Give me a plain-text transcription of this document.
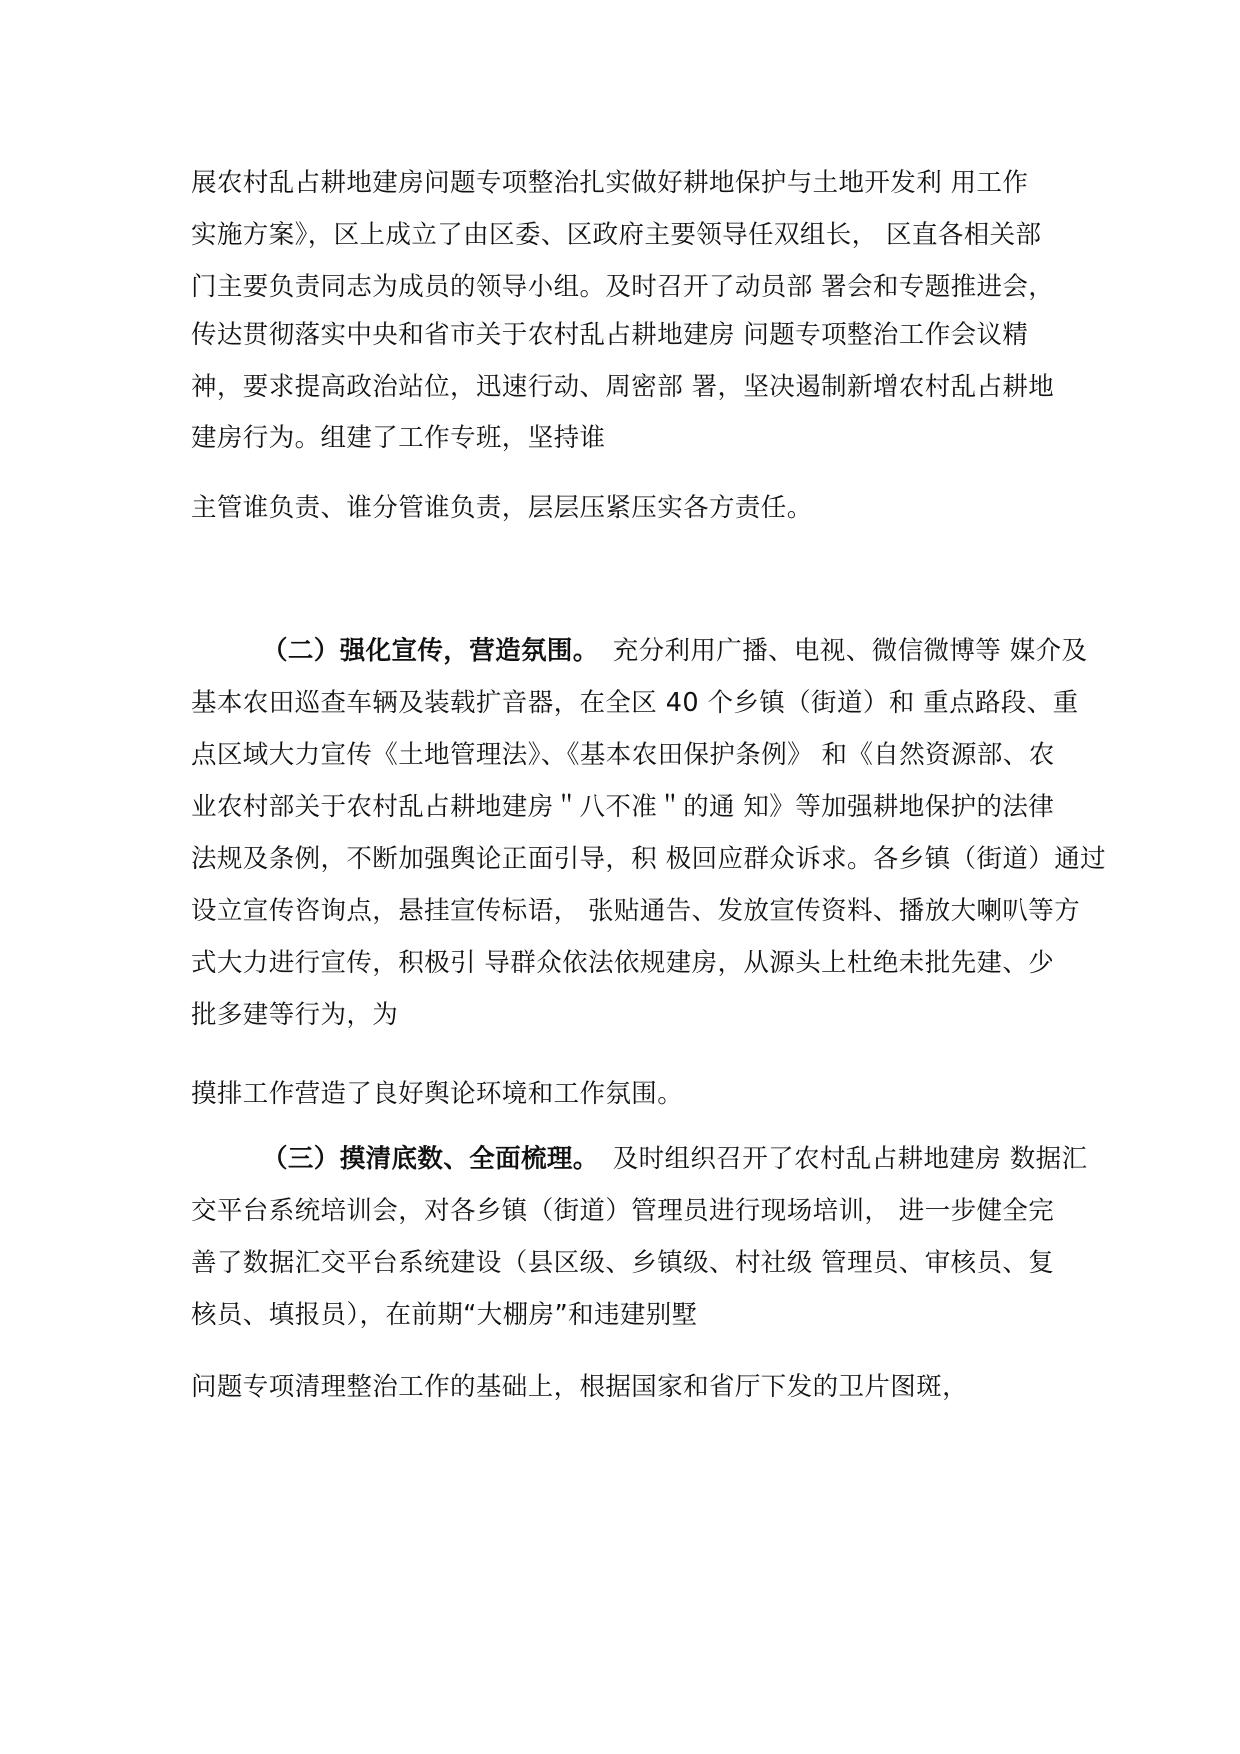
展农村乱占耕地建房问题专项整治扎实做好耕地保护与土地开发利 用工作
实施方案》，区上成立了由区委、区政府主要领导任双组长， 区直各相关部
门主要负责同志为成员的领导小组。及时召开了动员部 署会和专题推进会，
传达贯彻落实中央和省市关于农村乱占耕地建房 问题专项整治工作会议精
神，要求提高政治站位，迅速行动、周密部 署，坚决遏制新增农村乱占耕地
建房行为。组建了工作专班，坚持谁
主管谁负责、谁分管谁负责，层层压紧压实各方责任。
（二）强化宣传，营造氛围。 充分利用广播、电视、微信微博等 媒介及
基本农田巡查车辆及装载扩音器，在全区 40 个乡镇（街道）和 重点路段、重
点区域大力宣传《土地管理法》、《基本农田保护条例》 和《自然资源部、农
业农村部关于农村乱占耕地建房＂八不准＂的通 知》等加强耕地保护的法律
法规及条例，不断加强舆论正面引导，积 极回应群众诉求。各乡镇（街道）通过
设立宣传咨询点，悬挂宣传标语， 张贴通告、发放宣传资料、播放大喇叭等方
式大力进行宣传，积极引 导群众依法依规建房，从源头上杜绝未批先建、少
批多建等行为，为
摸排工作营造了良好舆论环境和工作氛围。
（三）摸清底数、全面梳理。 及时组织召开了农村乱占耕地建房 数据汇
交平台系统培训会，对各乡镇（街道）管理员进行现场培训， 进一步健全完
善了数据汇交平台系统建设（县区级、乡镇级、村社级 管理员、审核员、复
核员、填报员），在前期“大棚房”和违建别墅
问题专项清理整治工作的基础上，根据国家和省厅下发的卫片图斑，
